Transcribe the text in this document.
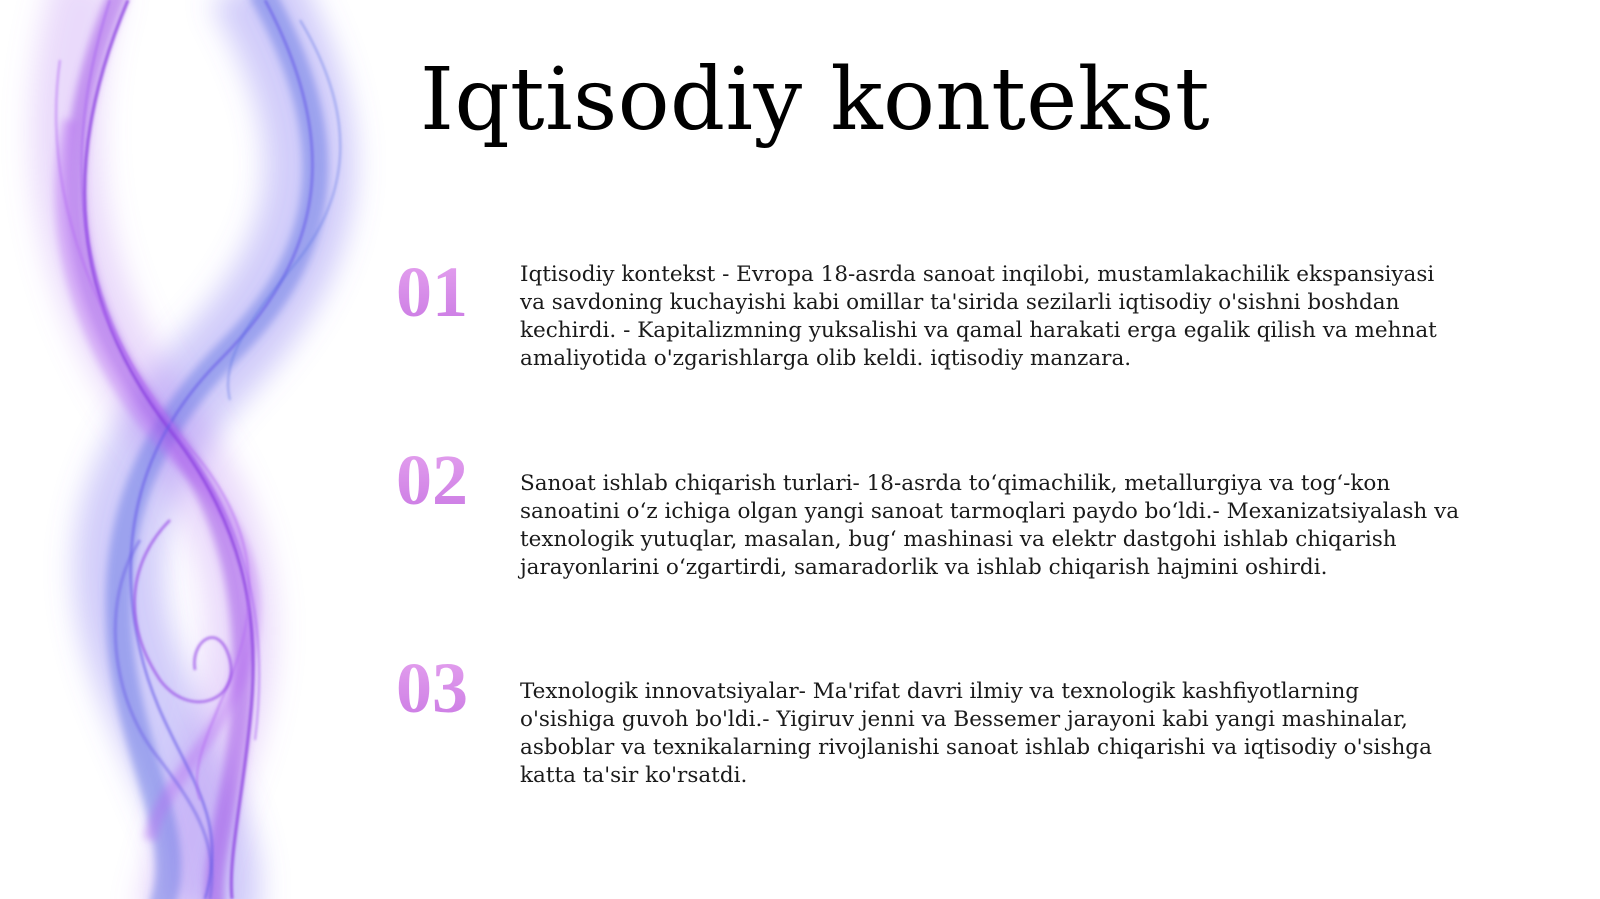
Iqtisodiy kontekst
01 Iqtisodiy kontekst - Evropa 18-asrda sanoat inqilobi, mustamlakachilik ekspansiyasi va savdoning kuchayishi kabi omillar ta'sirida sezilarli iqtisodiy o'sishni boshdan kechirdi. - Kapitalizmning yuksalishi va qamal harakati erga egalik qilish va mehnat amaliyotida o'zgarishlarga olib keldi. iqtisodiy manzara.

02 Sanoat ishlab chiqarish turlari- 18-asrda to‘qimachilik, metallurgiya va tog‘-kon sanoatini o‘z ichiga olgan yangi sanoat tarmoqlari paydo bo‘ldi.- Mexanizatsiyalash va texnologik yutuqlar, masalan, bug‘ mashinasi va elektr dastgohi ishlab chiqarish jarayonlarini o‘zgartirdi, samaradorlik va ishlab chiqarish hajmini oshirdi.

03 Texnologik innovatsiyalar- Ma'rifat davri ilmiy va texnologik kashfiyotlarning o'sishiga guvoh bo'ldi.- Yigiruv jenni va Bessemer jarayoni kabi yangi mashinalar, asboblar va texnikalarning rivojlanishi sanoat ishlab chiqarishi va iqtisodiy o'sishga katta ta'sir ko'rsatdi.
